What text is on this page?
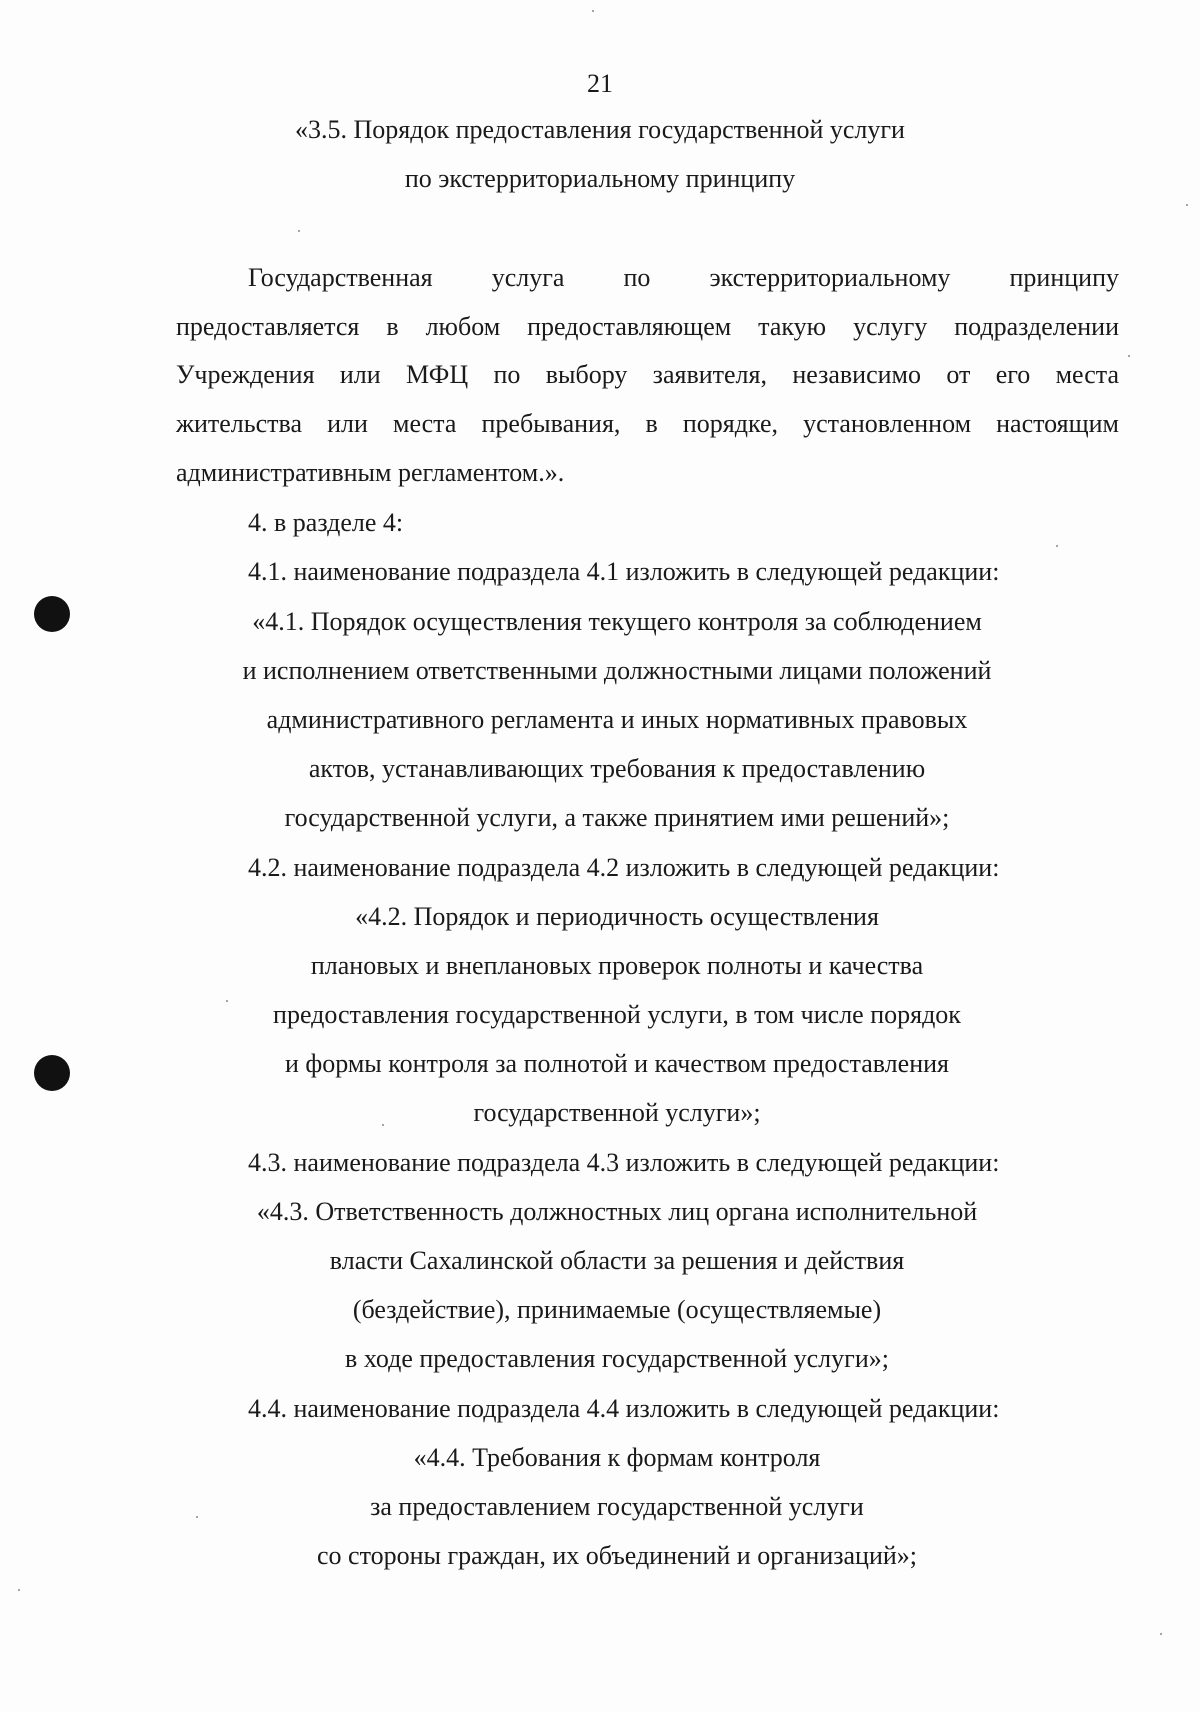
21

«3.5. Порядок предоставления государственной услуги

по экстерриториальному принципу

Государственная услуга по экстерриториальному принципу

предоставляется в любом предоставляющем такую услугу подразделении

Учреждения или МФЦ по выбору заявителя, независимо от его места

жительства или места пребывания, в порядке, установленном настоящим

административным регламентом.».

4. в разделе 4:

4.1. наименование подраздела 4.1 изложить в следующей редакции:

«4.1. Порядок осуществления текущего контроля за соблюдением

и исполнением ответственными должностными лицами положений

административного регламента и иных нормативных правовых

актов, устанавливающих требования к предоставлению

государственной услуги, а также принятием ими решений»;

4.2. наименование подраздела 4.2 изложить в следующей редакции:

«4.2. Порядок и периодичность осуществления

плановых и внеплановых проверок полноты и качества

предоставления государственной услуги, в том числе порядок

и формы контроля за полнотой и качеством предоставления

государственной услуги»;

4.3. наименование подраздела 4.3 изложить в следующей редакции:

«4.3. Ответственность должностных лиц органа исполнительной

власти Сахалинской области за решения и действия

(бездействие), принимаемые (осуществляемые)

в ходе предоставления государственной услуги»;

4.4. наименование подраздела 4.4 изложить в следующей редакции:

«4.4. Требования к формам контроля

за предоставлением государственной услуги

со стороны граждан, их объединений и организаций»;
